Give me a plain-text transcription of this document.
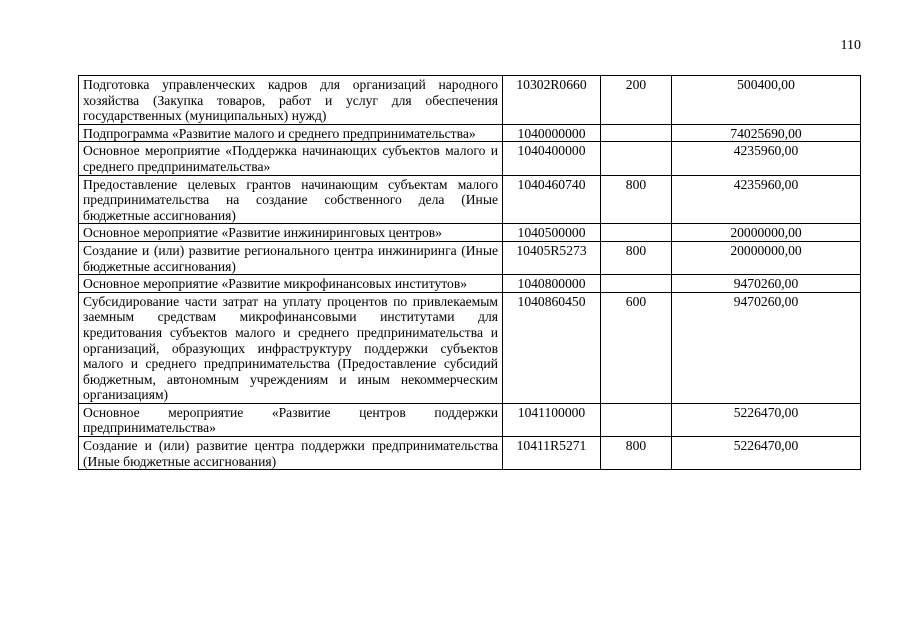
110
Подготовка управленческих кадров для организаций народного хозяйства (Закупка товаров, работ и услуг для обеспечения государственных (муниципальных) нужд)	10302R0660	200	500400,00
Подпрограмма «Развитие малого и среднего предпринимательства»	1040000000		74025690,00
Основное мероприятие «Поддержка начинающих субъектов малого и среднего предпринимательства»	1040400000		4235960,00
Предоставление целевых грантов начинающим субъектам малого предпринимательства на создание собственного дела (Иные бюджетные ассигнования)	1040460740	800	4235960,00
Основное мероприятие «Развитие инжиниринговых центров»	1040500000		20000000,00
Создание и (или) развитие регионального центра инжиниринга (Иные бюджетные ассигнования)	10405R5273	800	20000000,00
Основное мероприятие «Развитие микрофинансовых институтов»	1040800000		9470260,00
Субсидирование части затрат на уплату процентов по привлекаемым заемным средствам микрофинансовыми институтами для кредитования субъектов малого и среднего предпринимательства и организаций, образующих инфраструктуру поддержки субъектов малого и среднего предпринимательства (Предоставление субсидий бюджетным, автономным учреждениям и иным некоммерческим организациям)	1040860450	600	9470260,00
Основное мероприятие «Развитие центров поддержки предпринимательства»	1041100000		5226470,00
Создание и (или) развитие центра поддержки предпринимательства (Иные бюджетные ассигнования)	10411R5271	800	5226470,00
